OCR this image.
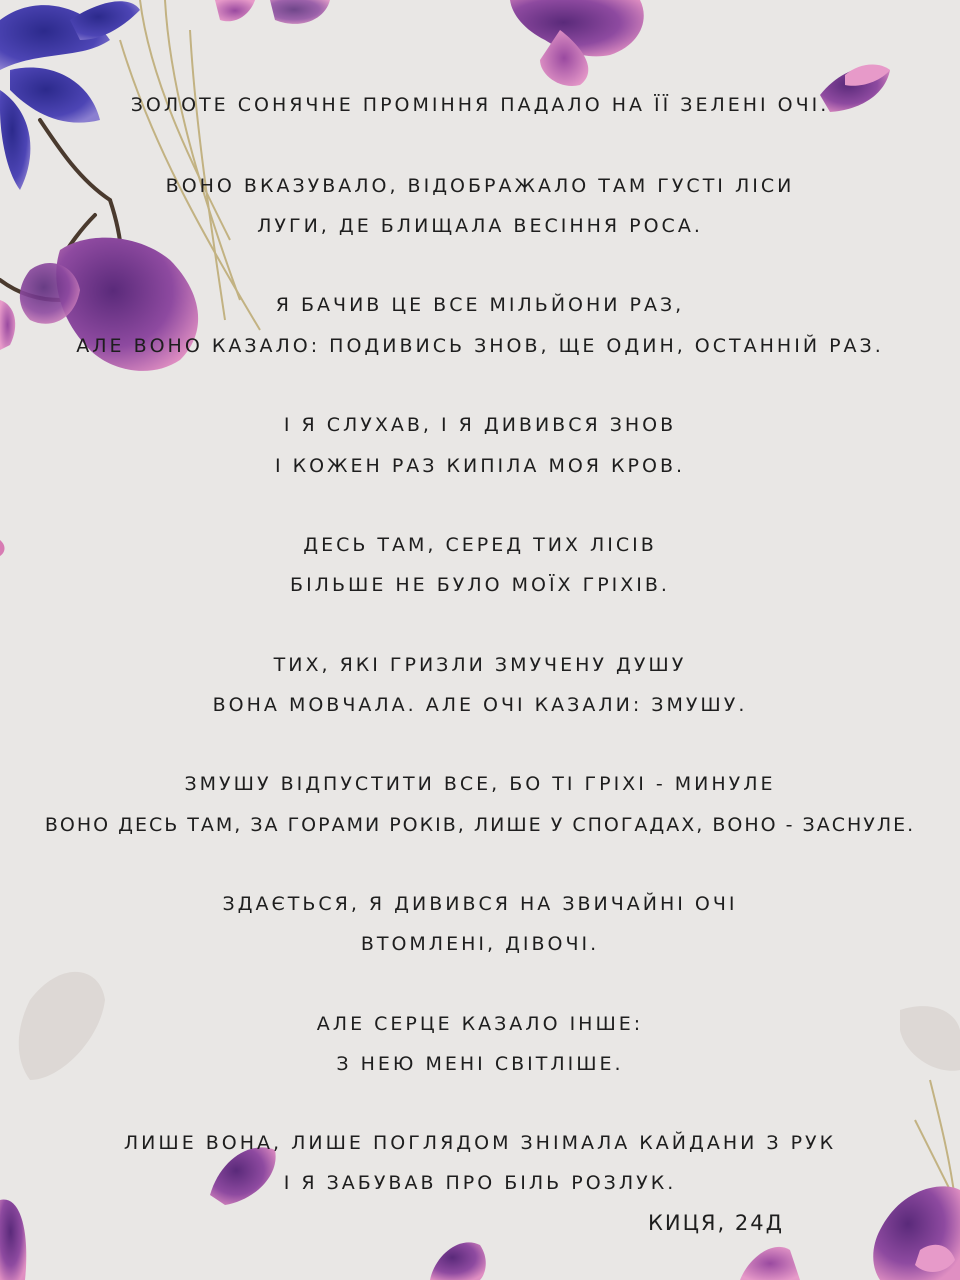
ЗОЛОТЕ СОНЯЧНЕ ПРОМІННЯ ПАДАЛО НА ЇЇ ЗЕЛЕНІ ОЧІ.
ВОНО ВКАЗУВАЛО, ВІДОБРАЖАЛО ТАМ ГУСТІ ЛІСИ
ЛУГИ, ДЕ БЛИЩАЛА ВЕСІННЯ РОСА.
Я БАЧИВ ЦЕ ВСЕ МІЛЬЙОНИ РАЗ,
АЛЕ ВОНО КАЗАЛО: ПОДИВИСЬ ЗНОВ, ЩЕ ОДИН, ОСТАННІЙ РАЗ.
І Я СЛУХАВ, І Я ДИВИВСЯ ЗНОВ
І КОЖЕН РАЗ КИПІЛА МОЯ КРОВ.
ДЕСЬ ТАМ, СЕРЕД ТИХ ЛІСІВ
БІЛЬШЕ НЕ БУЛО МОЇХ ГРІХІВ.
ТИХ, ЯКІ ГРИЗЛИ ЗМУЧЕНУ ДУШУ
ВОНА МОВЧАЛА. АЛЕ ОЧІ КАЗАЛИ: ЗМУШУ.
ЗМУШУ ВІДПУСТИТИ ВСЕ, БО ТІ ГРІХІ - МИНУЛЕ
ВОНО ДЕСЬ ТАМ, ЗА ГОРАМИ РОКІВ, ЛИШЕ У СПОГАДАХ, ВОНО - ЗАСНУЛЕ.
ЗДАЄТЬСЯ, Я ДИВИВСЯ НА ЗВИЧАЙНІ ОЧІ
ВТОМЛЕНІ, ДІВОЧІ.
АЛЕ СЕРЦЕ КАЗАЛО ІНШЕ:
З НЕЮ МЕНІ СВІТЛІШЕ.
ЛИШЕ ВОНА, ЛИШЕ ПОГЛЯДОМ ЗНІМАЛА КАЙДАНИ З РУК
І Я ЗАБУВАВ ПРО БІЛЬ РОЗЛУК.
КИЦЯ, 24Д
